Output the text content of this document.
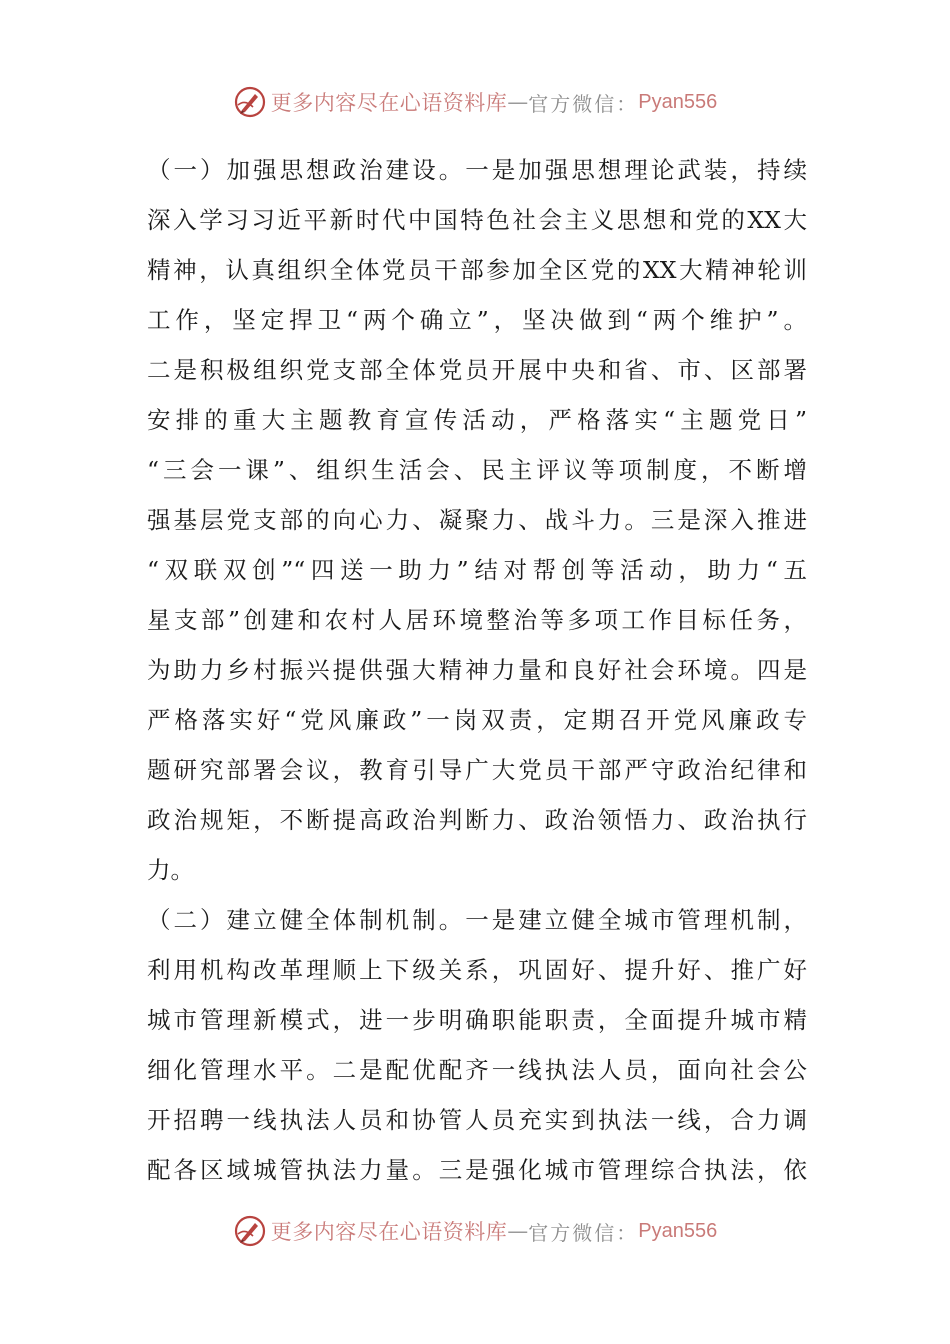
更多内容尽在心语资料库 — 官方微信： Pyan556
（一）加强思想政治建设。一是加强思想理论武装，持续
深入学习习近平新时代中国特色社会主义思想和党的XX大
精神，认真组织全体党员干部参加全区党的XX大精神轮训
工作，坚定捍卫“两个确立”，坚决做到“两个维护”。
二是积极组织党支部全体党员开展中央和省、市、区部署
安排的重大主题教育宣传活动，严格落实“主题党日”
“三会一课”、组织生活会、民主评议等项制度，不断增
强基层党支部的向心力、凝聚力、战斗力。三是深入推进
“双联双创”“四送一助力”结对帮创等活动，助力“五
星支部”创建和农村人居环境整治等多项工作目标任务，
为助力乡村振兴提供强大精神力量和良好社会环境。四是
严格落实好“党风廉政”一岗双责，定期召开党风廉政专
题研究部署会议，教育引导广大党员干部严守政治纪律和
政治规矩，不断提高政治判断力、政治领悟力、政治执行
力。
（二）建立健全体制机制。一是建立健全城市管理机制，
利用机构改革理顺上下级关系，巩固好、提升好、推广好
城市管理新模式，进一步明确职能职责，全面提升城市精
细化管理水平。二是配优配齐一线执法人员，面向社会公
开招聘一线执法人员和协管人员充实到执法一线，合力调
配各区域城管执法力量。三是强化城市管理综合执法，依
更多内容尽在心语资料库 — 官方微信： Pyan556
